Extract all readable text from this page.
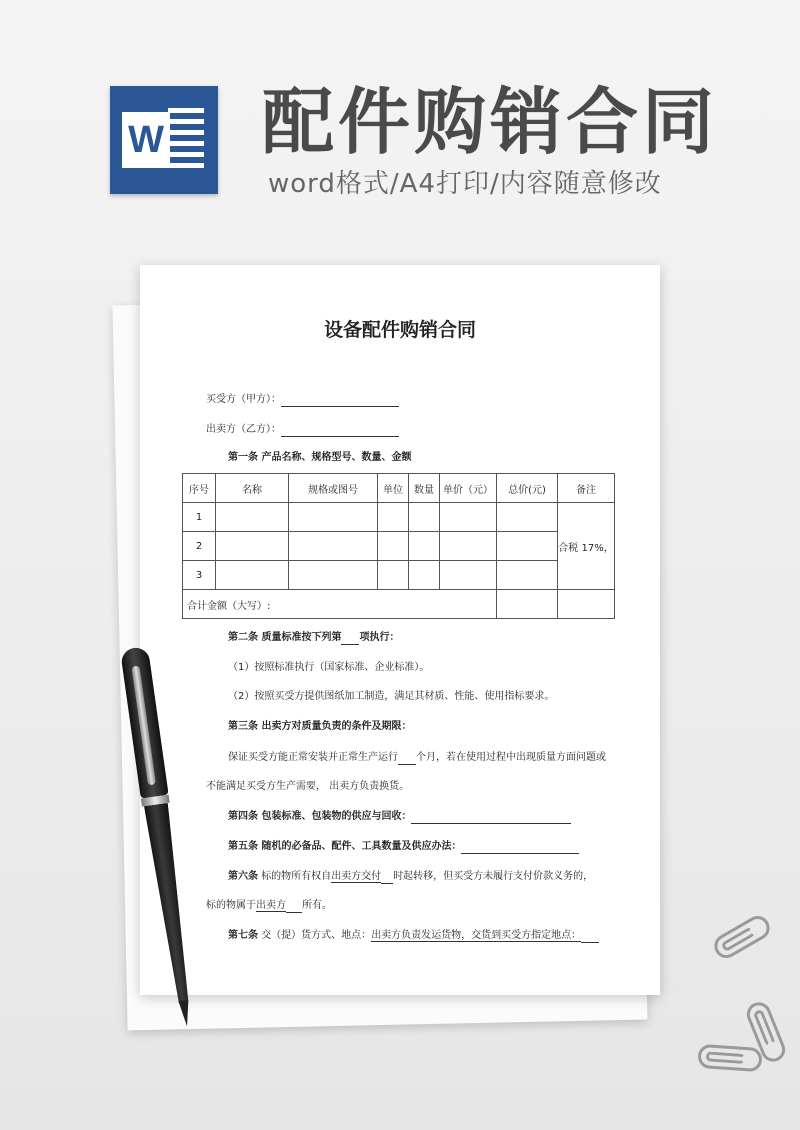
W 配件购销合同
word格式/A4打印/内容随意修改
设备配件购销合同
买受方（甲方）：
出卖方（乙方）：
第一条 产品名称、规格型号、数量、金额
序号	名称	规格或图号	单位	数量	单价（元）	总价(元)	备注
1							合税 17%，
2							
3							
合计金额（大写）:							
第二条 质量标准按下列第 项执行：
（1）按照标准执行（国家标准、企业标准）。
（2）按照买受方提供图纸加工制造，满足其材质、性能、使用指标要求。
第三条 出卖方对质量负责的条件及期限：
保证买受方能正常安装并正常生产运行 个月，若在使用过程中出现质量方面问题或
不能满足买受方生产需要， 出卖方负责换货。
第四条 包装标准、包装物的供应与回收：
第五条 随机的必备品、配件、工具数量及供应办法：
第六条 标的物所有权自出卖方交付 时起转移，但买受方未履行支付价款义务的，
标的物属于出卖方 所有。
第七条 交（提）货方式、地点：出卖方负责发运货物，交货到买受方指定地点：
